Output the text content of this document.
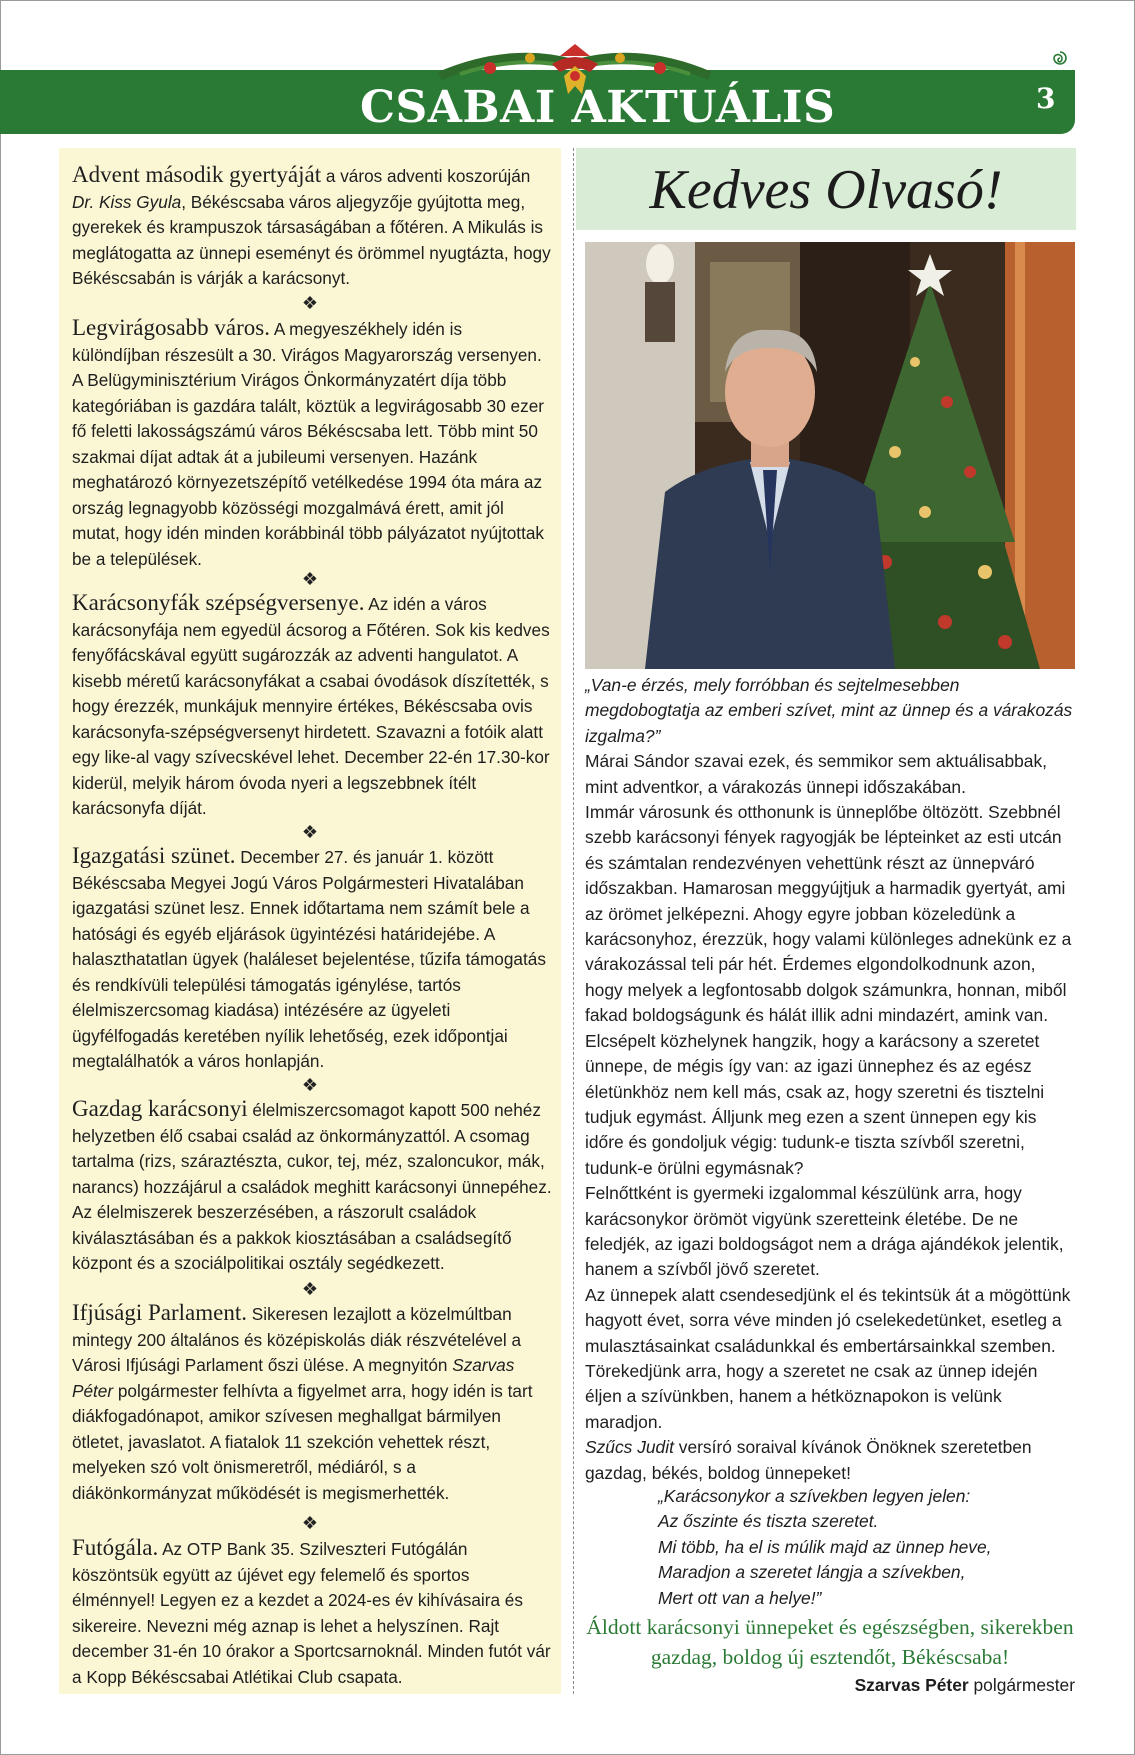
CSABAI AKTUÁLIS	3

Advent második gyertyáját a város adventi koszorúján Dr. Kiss Gyula, Békéscsaba város aljegyzője gyújtotta meg, gyerekek és krampuszok társaságában a főtéren. A Mikulás is meglátogatta az ünnepi eseményt és örömmel nyugtázta, hogy Békéscsabán is várják a karácsonyt.

❖

Legvirágosabb város. A megyeszékhely idén is különdíjban részesült a 30. Virágos Magyarország versenyen. A Belügyminisztérium Virágos Önkormányzatért díja több kategóriában is gazdára talált, köztük a legvirágosabb 30 ezer fő feletti lakosságszámú város Békéscsaba lett. Több mint 50 szakmai díjat adtak át a jubileumi versenyen. Hazánk meghatározó környezetszépítő vetélkedése 1994 óta mára az ország legnagyobb közösségi mozgalmává érett, amit jól mutat, hogy idén minden korábbinál több pályázatot nyújtottak be a települések.

❖

Karácsonyfák szépségversenye. Az idén a város karácsonyfája nem egyedül ácsorog a Főtéren. Sok kis kedves fenyőfácskával együtt sugározzák az adventi hangulatot. A kisebb méretű karácsonyfákat a csabai óvodások díszítették, s hogy érezzék, munkájuk mennyire értékes, Békéscsaba ovis karácsonyfa-szépségversenyt hirdetett. Szavazni a fotóik alatt egy like-al vagy szívecskével lehet. December 22-én 17.30-kor kiderül, melyik három óvoda nyeri a legszebbnek ítélt karácsonyfa díját.

❖

Igazgatási szünet. December 27. és január 1. között Békéscsaba Megyei Jogú Város Polgármesteri Hivatalában igazgatási szünet lesz. Ennek időtartama nem számít bele a hatósági és egyéb eljárások ügyintézési határidejébe. A halaszthatatlan ügyek (haláleset bejelentése, tűzifa támogatás és rendkívüli települési támogatás igénylése, tartós élelmiszercsomag kiadása) intézésére az ügyeleti ügyfélfogadás keretében nyílik lehetőség, ezek időpontjai megtalálhatók a város honlapján.

❖

Gazdag karácsonyi élelmiszercsomagot kapott 500 nehéz helyzetben élő csabai család az önkormányzattól. A csomag tartalma (rizs, száraztészta, cukor, tej, méz, szaloncukor, mák, narancs) hozzájárul a családok meghitt karácsonyi ünnepéhez. Az élelmiszerek beszerzésében, a rászorult családok kiválasztásában és a pakkok kiosztásában a családsegítő központ és a szociálpolitikai osztály segédkezett.

❖

Ifjúsági Parlament. Sikeresen lezajlott a közelmúltban mintegy 200 általános és középiskolás diák részvételével a Városi Ifjúsági Parlament őszi ülése. A megnyitón Szarvas Péter polgármester felhívta a figyelmet arra, hogy idén is tart diákfogadónapot, amikor szívesen meghallgat bármilyen ötletet, javaslatot. A fiatalok 11 szekción vehettek részt, melyeken szó volt önismeretről, médiáról, s a diákönkormányzat működését is megismerhették.

❖

Futógála. Az OTP Bank 35. Szilveszteri Futógálán köszöntsük együtt az újévet egy felemelő és sportos élménnyel! Legyen ez a kezdet a 2024-es év kihívásaira és sikereire. Nevezni még aznap is lehet a helyszínen. Rajt december 31-én 10 órakor a Sportcsarnoknál. Minden futót vár a Kopp Békéscsabai Atlétikai Club csapata.

Kedves Olvasó!

„Van-e érzés, mely forróbban és sejtelmesebben megdobogtatja az emberi szívet, mint az ünnep és a várakozás izgalma?”

Márai Sándor szavai ezek, és semmikor sem aktuálisabbak, mint adventkor, a várakozás ünnepi időszakában.

Immár városunk és otthonunk is ünneplőbe öltözött. Szebbnél szebb karácsonyi fények ragyogják be lépteinket az esti utcán és számtalan rendezvényen vehettünk részt az ünnepváró időszakban. Hamarosan meggyújtjuk a harmadik gyertyát, ami az örömet jelképezni. Ahogy egyre jobban közeledünk a karácsonyhoz, érezzük, hogy valami különleges adnekünk ez a várakozással teli pár hét. Érdemes elgondolkodnunk azon, hogy melyek a legfontosabb dolgok számunkra, honnan, miből fakad boldogságunk és hálát illik adni mindazért, amink van.

Elcsépelt közhelynek hangzik, hogy a karácsony a szeretet ünnepe, de mégis így van: az igazi ünnephez és az egész életünkhöz nem kell más, csak az, hogy szeretni és tisztelni tudjuk egymást. Álljunk meg ezen a szent ünnepen egy kis időre és gondoljuk végig: tudunk-e tiszta szívből szeretni, tudunk-e örülni egymásnak?

Felnőttként is gyermeki izgalommal készülünk arra, hogy karácsonykor örömöt vigyünk szeretteink életébe. De ne feledjék, az igazi boldogságot nem a drága ajándékok jelentik, hanem a szívből jövő szeretet.

Az ünnepek alatt csendesedjünk el és tekintsük át a mögöttünk hagyott évet, sorra véve minden jó cselekedetünket, esetleg a mulasztásainkat családunkkal és embertársainkkal szemben. Törekedjünk arra, hogy a szeretet ne csak az ünnep idején éljen a szívünkben, hanem a hétköznapokon is velünk maradjon.

Szűcs Judit versíró soraival kívánok Önöknek szeretetben gazdag, békés, boldog ünnepeket!

„Karácsonykor a szívekben legyen jelen:
Az őszinte és tiszta szeretet.
Mi több, ha el is múlik majd az ünnep heve,
Maradjon a szeretet lángja a szívekben,
Mert ott van a helye!”
Áldott karácsonyi ünnepeket és egészségben, sikerekben gazdag, boldog új esztendőt, Békéscsaba!
Szarvas Péter polgármester
